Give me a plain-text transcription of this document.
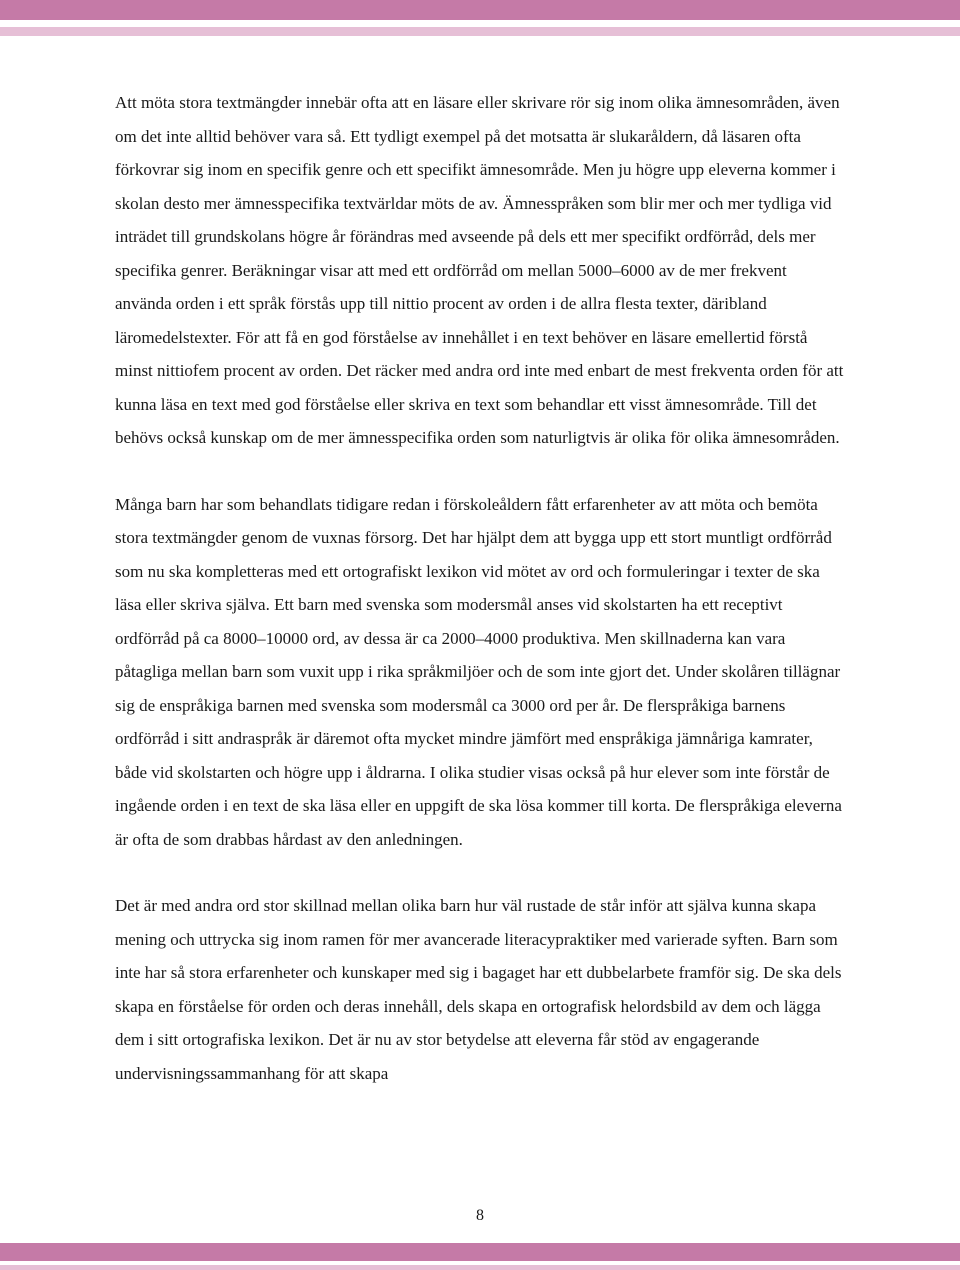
Att möta stora textmängder innebär ofta att en läsare eller skrivare rör sig inom olika ämnesområden, även om det inte alltid behöver vara så. Ett tydligt exempel på det motsatta är slukaråldern, då läsaren ofta förkovrar sig inom en specifik genre och ett specifikt ämnesområde. Men ju högre upp eleverna kommer i skolan desto mer ämnesspecifika textvärldar möts de av. Ämnesspråken som blir mer och mer tydliga vid inträdet till grundskolans högre år förändras med avseende på dels ett mer specifikt ordförråd, dels mer specifika genrer. Beräkningar visar att med ett ordförråd om mellan 5000–6000 av de mer frekvent använda orden i ett språk förstås upp till nittio procent av orden i de allra flesta texter, däribland läromedelstexter. För att få en god förståelse av innehållet i en text behöver en läsare emellertid förstå minst nittiofem procent av orden. Det räcker med andra ord inte med enbart de mest frekventa orden för att kunna läsa en text med god förståelse eller skriva en text som behandlar ett visst ämnesområde. Till det behövs också kunskap om de mer ämnesspecifika orden som naturligtvis är olika för olika ämnesområden.

Många barn har som behandlats tidigare redan i förskoleåldern fått erfarenheter av att möta och bemöta stora textmängder genom de vuxnas försorg. Det har hjälpt dem att bygga upp ett stort muntligt ordförråd som nu ska kompletteras med ett ortografiskt lexikon vid mötet av ord och formuleringar i texter de ska läsa eller skriva själva. Ett barn med svenska som modersmål anses vid skolstarten ha ett receptivt ordförråd på ca 8000–10000 ord, av dessa är ca 2000–4000 produktiva. Men skillnaderna kan vara påtagliga mellan barn som vuxit upp i rika språkmiljöer och de som inte gjort det. Under skolåren tillägnar sig de enspråkiga barnen med svenska som modersmål ca 3000 ord per år. De flerspråkiga barnens ordförråd i sitt andraspråk är däremot ofta mycket mindre jämfört med enspråkiga jämnåriga kamrater, både vid skolstarten och högre upp i åldrarna. I olika studier visas också på hur elever som inte förstår de ingående orden i en text de ska läsa eller en uppgift de ska lösa kommer till korta. De flerspråkiga eleverna är ofta de som drabbas hårdast av den anledningen.

Det är med andra ord stor skillnad mellan olika barn hur väl rustade de står inför att själva kunna skapa mening och uttrycka sig inom ramen för mer avancerade literacypraktiker med varierade syften. Barn som inte har så stora erfarenheter och kunskaper med sig i bagaget har ett dubbelarbete framför sig. De ska dels skapa en förståelse för orden och deras innehåll, dels skapa en ortografisk helordsbild av dem och lägga dem i sitt ortografiska lexikon. Det är nu av stor betydelse att eleverna får stöd av engagerande undervisningssammanhang för att skapa

8
